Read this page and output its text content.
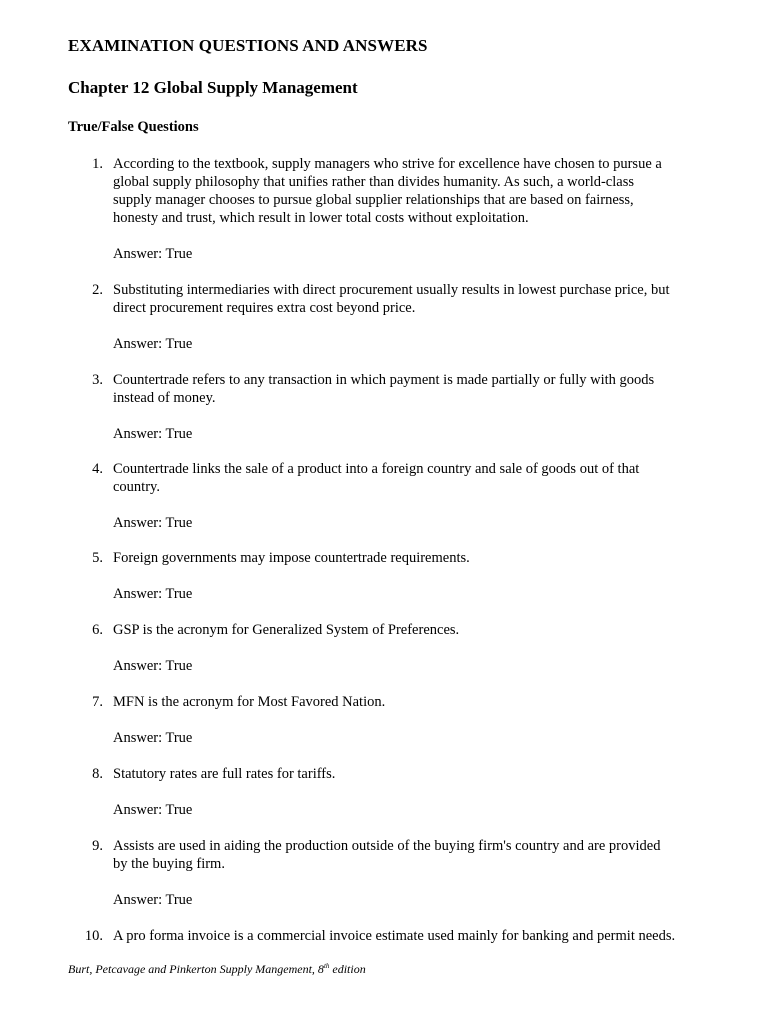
EXAMINATION QUESTIONS AND ANSWERS
Chapter 12 Global Supply Management
True/False Questions
1. According to the textbook, supply managers who strive for excellence have chosen to pursue a
global supply philosophy that unifies rather than divides humanity. As such, a world-class
supply manager chooses to pursue global supplier relationships that are based on fairness,
honesty and trust, which result in lower total costs without exploitation.
Answer: True
2. Substituting intermediaries with direct procurement usually results in lowest purchase price, but
direct procurement requires extra cost beyond price.
Answer: True
3. Countertrade refers to any transaction in which payment is made partially or fully with goods
instead of money.
Answer: True
4. Countertrade links the sale of a product into a foreign country and sale of goods out of that
country.
Answer: True
5. Foreign governments may impose countertrade requirements.
Answer: True
6. GSP is the acronym for Generalized System of Preferences.
Answer: True
7. MFN is the acronym for Most Favored Nation.
Answer: True
8. Statutory rates are full rates for tariffs.
Answer: True
9. Assists are used in aiding the production outside of the buying firm's country and are provided
by the buying firm.
Answer: True
10. A pro forma invoice is a commercial invoice estimate used mainly for banking and permit needs.
Burt, Petcavage and Pinkerton Supply Mangement, 8th edition
